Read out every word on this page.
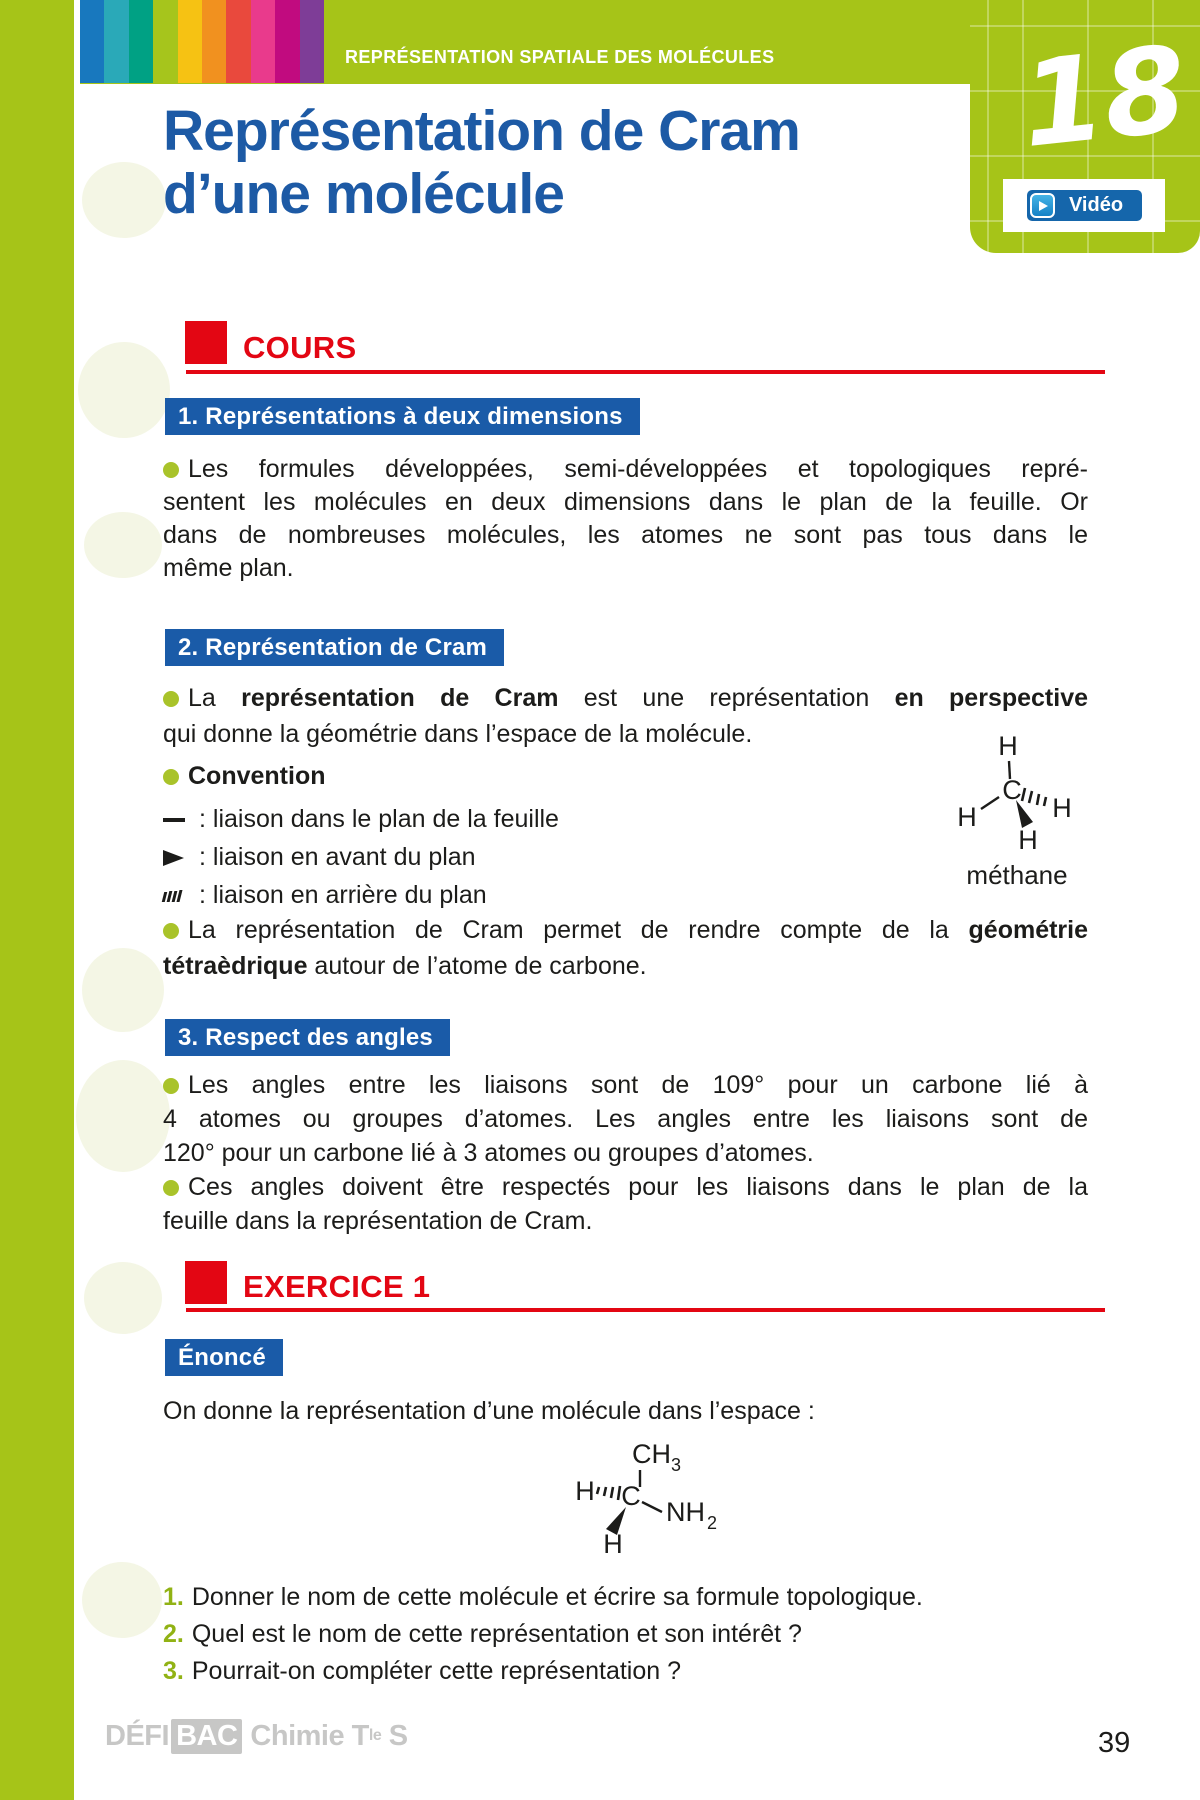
REPRÉSENTATION SPATIALE DES MOLÉCULES 18
Vidéo
Représentation de Cram
d’une molécule
COURS
1. Représentations à deux dimensions
Les formules développées, semi-développées et topologiques repré-
sentent les molécules en deux dimensions dans le plan de la feuille. Or
dans de nombreuses molécules, les atomes ne sont pas tous dans le
même plan.
2. Représentation de Cram
La représentation de Cram est une représentation en perspective
qui donne la géométrie dans l’espace de la molécule.
Convention
: liaison dans le plan de la feuille
: liaison en avant du plan
: liaison en arrière du plan
La représentation de Cram permet de rendre compte de la géométrie
tétraèdrique autour de l’atome de carbone.
H
C
H	H
H
méthane
3. Respect des angles
Les angles entre les liaisons sont de 109° pour un carbone lié à
4 atomes ou groupes d’atomes. Les angles entre les liaisons sont de
120° pour un carbone lié à 3 atomes ou groupes d’atomes.
Ces angles doivent être respectés pour les liaisons dans le plan de la
feuille dans la représentation de Cram.
EXERCICE 1
Énoncé
On donne la représentation d’une molécule dans l’espace :
CH 3
H C
NH 2
H
1. Donner le nom de cette molécule et écrire sa formule topologique.
2. Quel est le nom de cette représentation et son intérêt ?
3. Pourrait-on compléter cette représentation ?
DÉFI BAC Chimie T le
S	39
